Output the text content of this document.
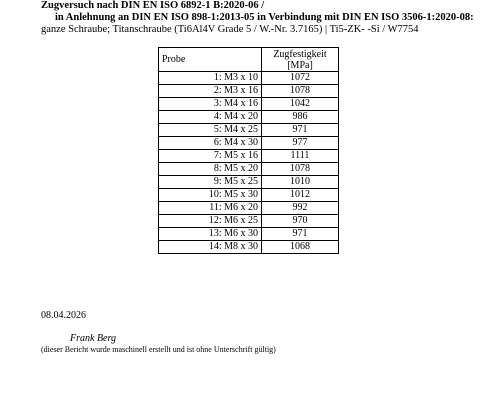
Zugversuch nach DIN EN ISO 6892-1 B:2020-06 /
in Anlehnung an DIN EN ISO 898-1:2013-05 in Verbindung mit DIN EN ISO 3506-1:2020-08:
ganze Schraube; Titanschraube (Ti6Al4V Grade 5 / W.-Nr. 3.7165) | Ti5-ZK- -Si / W7754
Probe	Zugfestigkeit
[MPa]
1: M3 x 10	1072
2: M3 x 16	1078
3: M4 x 16	1042
4: M4 x 20	986
5: M4 x 25	971
6: M4 x 30	977
7: M5 x 16	1111
8: M5 x 20	1078
9: M5 x 25	1010
10: M5 x 30	1012
11: M6 x 20	992
12: M6 x 25	970
13: M6 x 30	971
14: M8 x 30	1068
08.04.2026
Frank Berg
(dieser Bericht wurde maschinell erstellt und ist ohne Unterschrift gültig)
